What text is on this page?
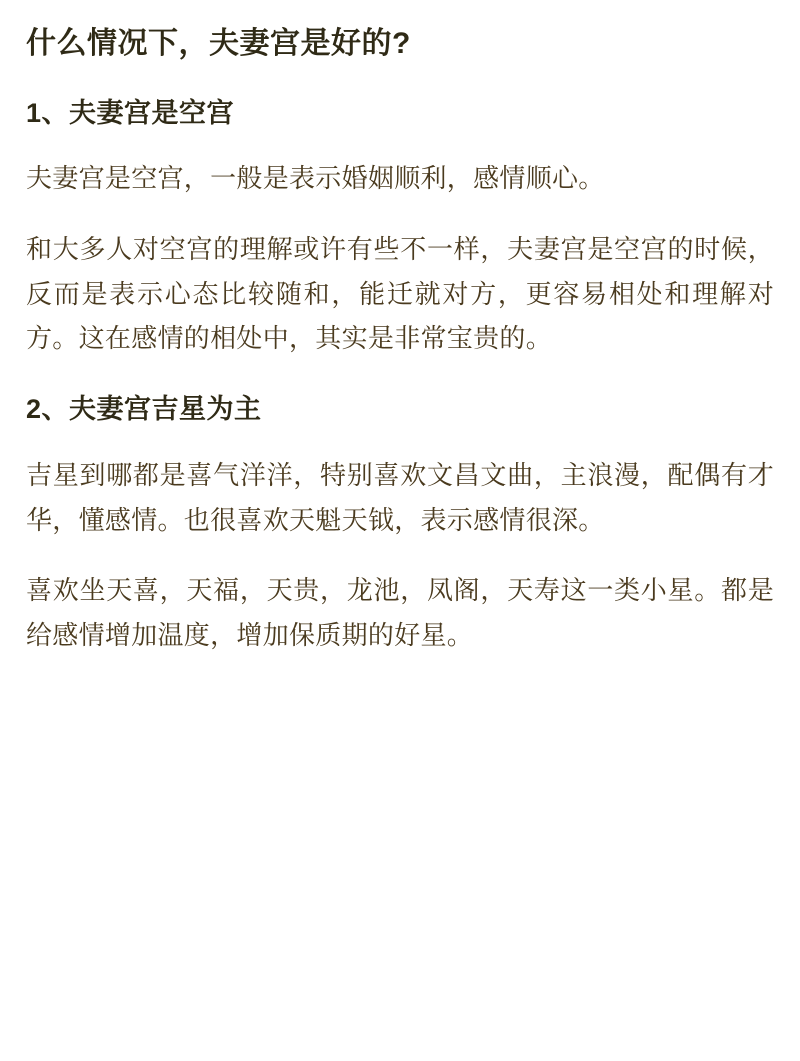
什么情况下，夫妻宫是好的?
1、夫妻宫是空宫

夫妻宫是空宫，一般是表示婚姻顺利，感情顺心。

和大多人对空宫的理解或许有些不一样，夫妻宫是空宫的时候，反而是表示心态比较随和，能迁就对方，更容易相处和理解对方。这在感情的相处中，其实是非常宝贵的。

2、夫妻宫吉星为主

吉星到哪都是喜气洋洋，特别喜欢文昌文曲，主浪漫，配偶有才华，懂感情。也很喜欢天魁天钺，表示感情很深。

喜欢坐天喜，天福，天贵，龙池，凤阁，天寿这一类小星。都是给感情增加温度，增加保质期的好星。
